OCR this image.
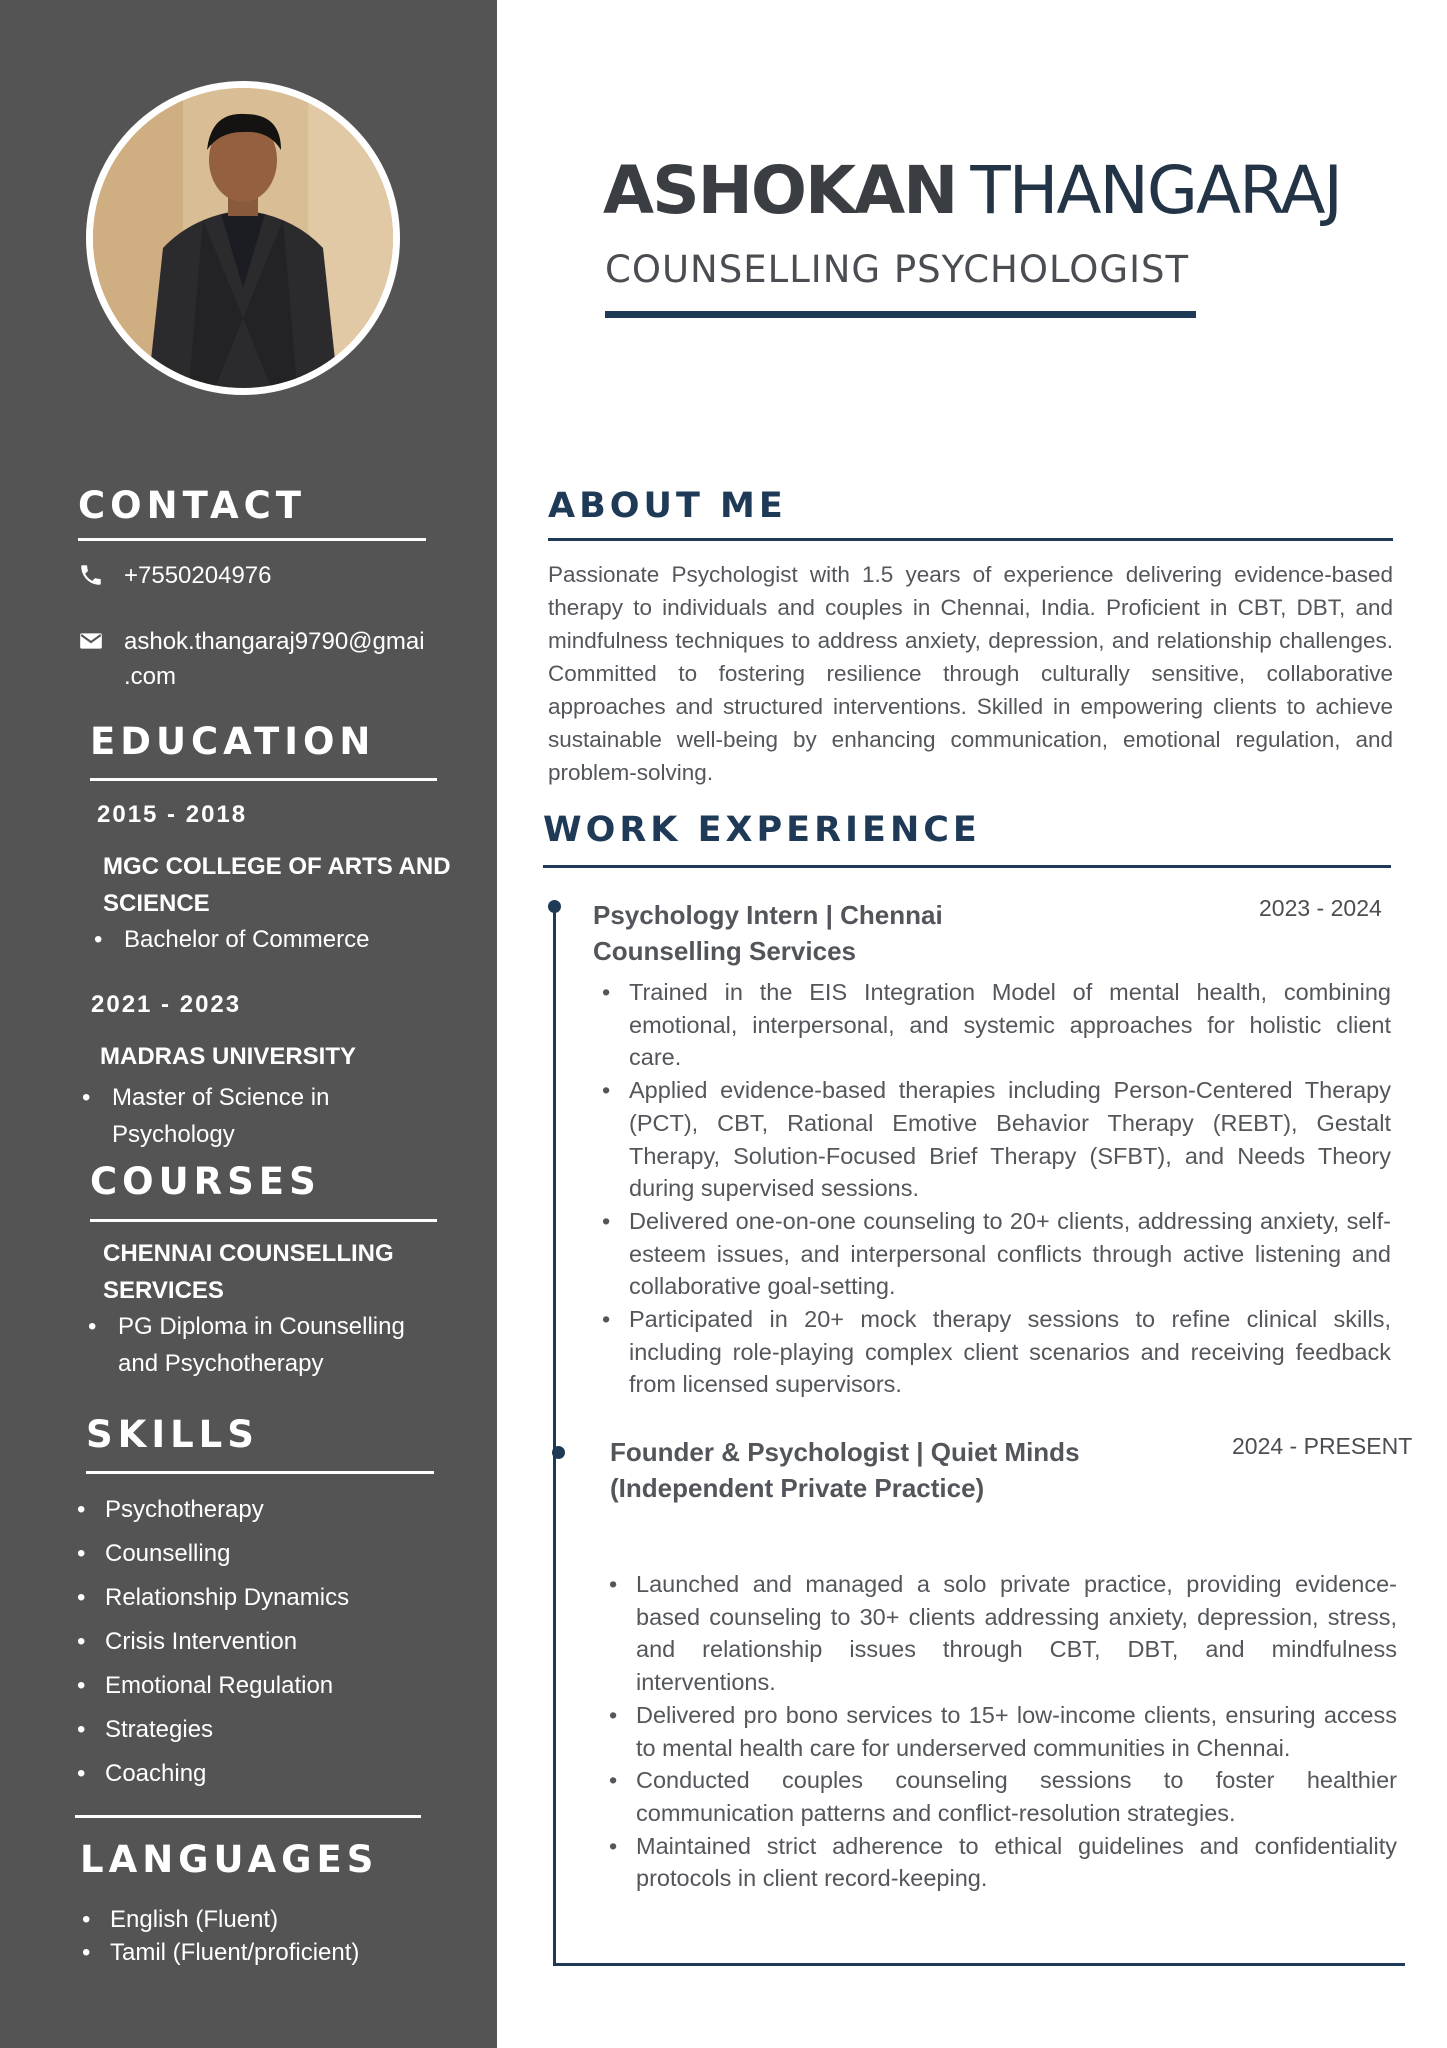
CONTACT
+7550204976
ashok.thangaraj9790@gmai
.com
EDUCATION
2015 - 2018
MGC COLLEGE OF ARTS AND
SCIENCE
• Bachelor of Commerce
2021 - 2023
MADRAS UNIVERSITY
• Master of Science in
Psychology
COURSES
CHENNAI COUNSELLING
SERVICES
• PG Diploma in Counselling
and Psychotherapy
SKILLS
• Psychotherapy
• Counselling
• Relationship Dynamics
• Crisis Intervention
• Emotional Regulation
• Strategies
• Coaching
LANGUAGES
• English (Fluent)
• Tamil (Fluent/proficient)
ASHOKAN THANGARAJ
COUNSELLING PSYCHOLOGIST
ABOUT ME

Passionate Psychologist with 1.5 years of experience delivering evidence-based therapy to individuals and couples in Chennai, India. Proficient in CBT, DBT, and mindfulness techniques to address anxiety, depression, and relationship challenges. Committed to fostering resilience through culturally sensitive, collaborative approaches and structured interventions. Skilled in empowering clients to achieve sustainable well-being by enhancing communication, emotional regulation, and problem-solving.

WORK EXPERIENCE
Psychology Intern | Chennai
Counselling Services
2023 - 2024
• Trained in the EIS Integration Model of mental health, combining emotional, interpersonal, and systemic approaches for holistic client care.
• Applied evidence-based therapies including Person-Centered Therapy (PCT), CBT, Rational Emotive Behavior Therapy (REBT), Gestalt Therapy, Solution-Focused Brief Therapy (SFBT), and Needs Theory during supervised sessions.
• Delivered one-on-one counseling to 20+ clients, addressing anxiety, self-esteem issues, and interpersonal conflicts through active listening and collaborative goal-setting.
• Participated in 20+ mock therapy sessions to refine clinical skills, including role-playing complex client scenarios and receiving feedback from licensed supervisors.
Founder & Psychologist | Quiet Minds
(Independent Private Practice)
2024 - PRESENT
• Launched and managed a solo private practice, providing evidence-based counseling to 30+ clients addressing anxiety, depression, stress, and relationship issues through CBT, DBT, and mindfulness interventions.
• Delivered pro bono services to 15+ low-income clients, ensuring access to mental health care for underserved communities in Chennai.
• Conducted couples counseling sessions to foster healthier communication patterns and conflict-resolution strategies.
• Maintained strict adherence to ethical guidelines and confidentiality protocols in client record-keeping.
